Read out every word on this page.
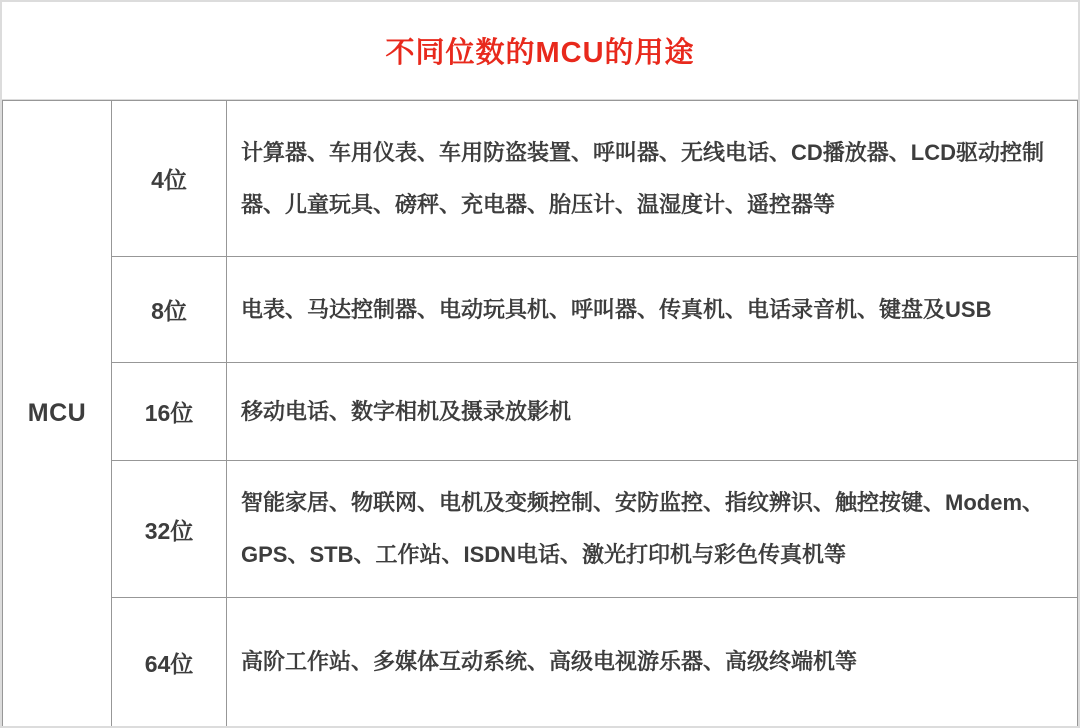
不同位数的MCU的用途
MCU	4位	计算器、车用仪表、车用防盗装置、呼叫器、无线电话、CD播放器、LCD驱动控制器、儿童玩具、磅秤、充电器、胎压计、温湿度计、遥控器等
	8位	电表、马达控制器、电动玩具机、呼叫器、传真机、电话录音机、键盘及USB
	16位	移动电话、数字相机及摄录放影机
	32位	智能家居、物联网、电机及变频控制、安防监控、指纹辨识、触控按键、Modem、GPS、STB、工作站、ISDN电话、激光打印机与彩色传真机等
	64位	高阶工作站、多媒体互动系统、高级电视游乐器、高级终端机等
